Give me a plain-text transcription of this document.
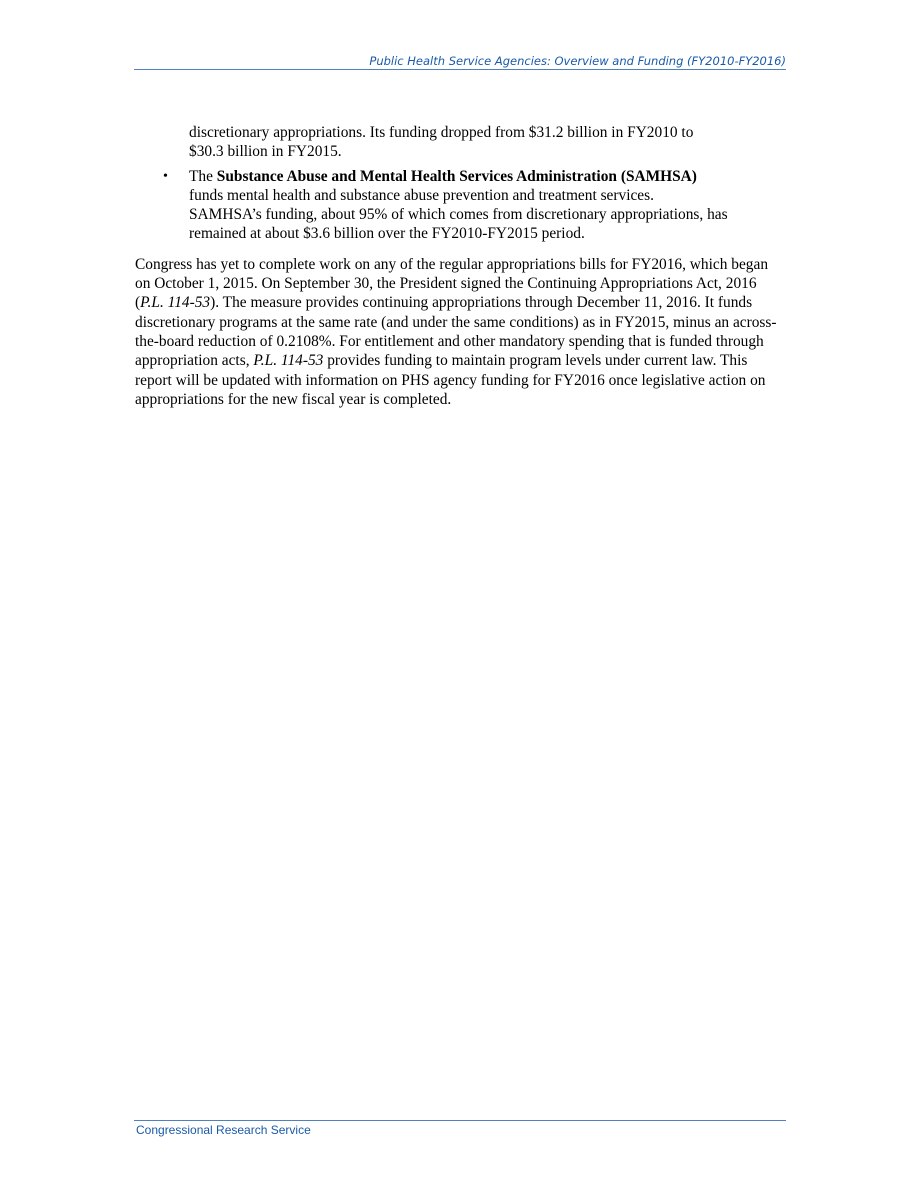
Public Health Service Agencies: Overview and Funding (FY2010-FY2016)

discretionary appropriations. Its funding dropped from $31.2 billion in FY2010 to $30.3 billion in FY2015.

• The Substance Abuse and Mental Health Services Administration (SAMHSA) funds mental health and substance abuse prevention and treatment services. SAMHSA’s funding, about 95% of which comes from discretionary appropriations, has remained at about $3.6 billion over the FY2010-FY2015 period.

Congress has yet to complete work on any of the regular appropriations bills for FY2016, which began on October 1, 2015. On September 30, the President signed the Continuing Appropriations Act, 2016 (P.L. 114-53). The measure provides continuing appropriations through December 11, 2016. It funds discretionary programs at the same rate (and under the same conditions) as in FY2015, minus an across-the-board reduction of 0.2108%. For entitlement and other mandatory spending that is funded through appropriation acts, P.L. 114-53 provides funding to maintain program levels under current law. This report will be updated with information on PHS agency funding for FY2016 once legislative action on appropriations for the new fiscal year is completed.

Congressional Research Service
